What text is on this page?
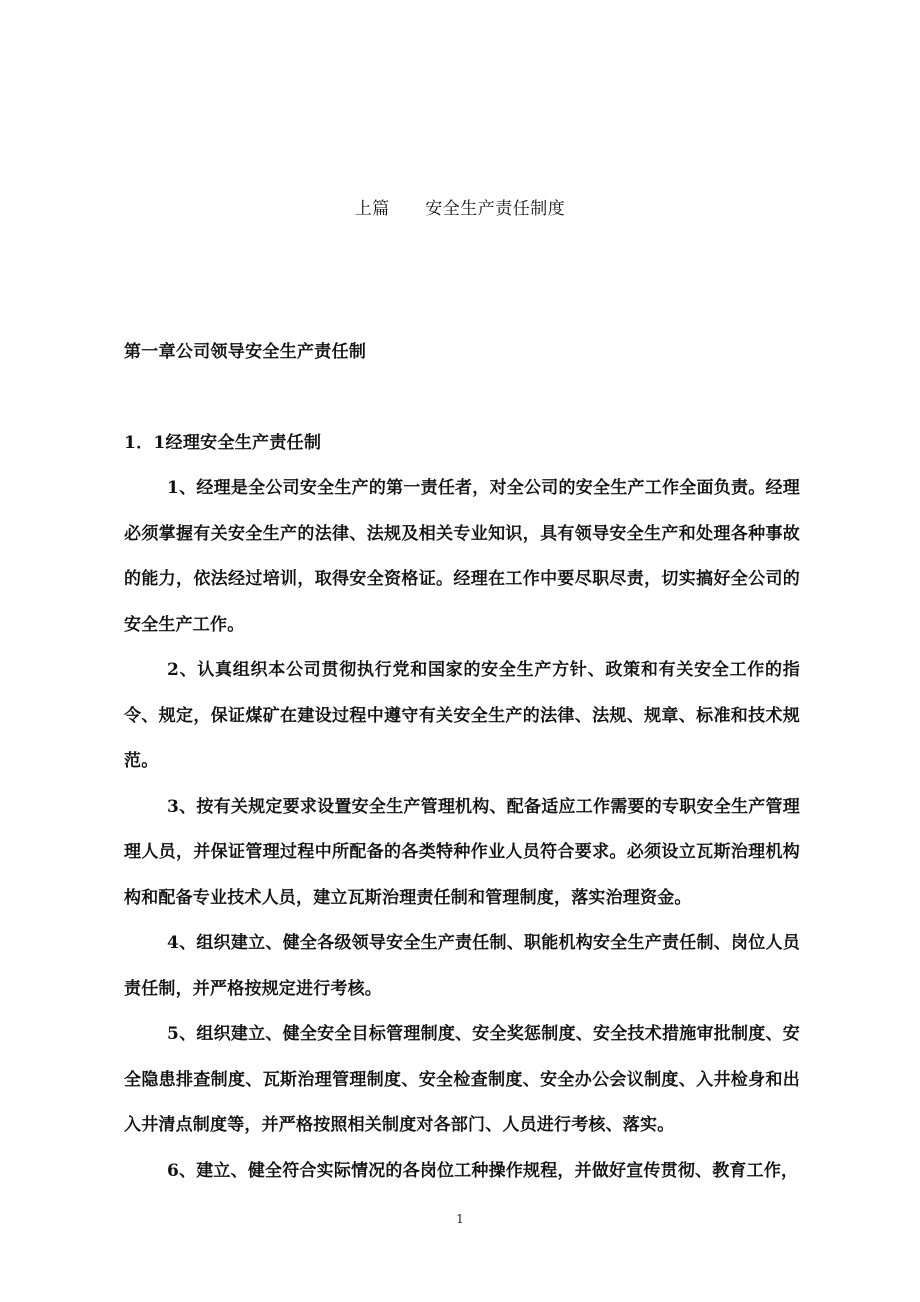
上篇      安全生产责任制度
第一章公司领导安全生产责任制
1．1经理安全生产责任制

1、经理是全公司安全生产的第一责任者，对全公司的安全生产工作全面负责。经理必须掌握有关安全生产的法律、法规及相关专业知识，具有领导安全生产和处理各种事故的能力，依法经过培训，取得安全资格证。经理在工作中要尽职尽责，切实搞好全公司的安全生产工作。

2、认真组织本公司贯彻执行党和国家的安全生产方针、政策和有关安全工作的指令、规定，保证煤矿在建设过程中遵守有关安全生产的法律、法规、规章、标准和技术规范。

3、按有关规定要求设置安全生产管理机构、配备适应工作需要的专职安全生产管理理人员，并保证管理过程中所配备的各类特种作业人员符合要求。必须设立瓦斯治理机构构和配备专业技术人员，建立瓦斯治理责任制和管理制度，落实治理资金。

4、组织建立、健全各级领导安全生产责任制、职能机构安全生产责任制、岗位人员责任制，并严格按规定进行考核。

5、组织建立、健全安全目标管理制度、安全奖惩制度、安全技术措施审批制度、安全隐患排查制度、瓦斯治理管理制度、安全检查制度、安全办公会议制度、入井检身和出入井清点制度等，并严格按照相关制度对各部门、人员进行考核、落实。

6、建立、健全符合实际情况的各岗位工种操作规程，并做好宣传贯彻、教育工作，

1
